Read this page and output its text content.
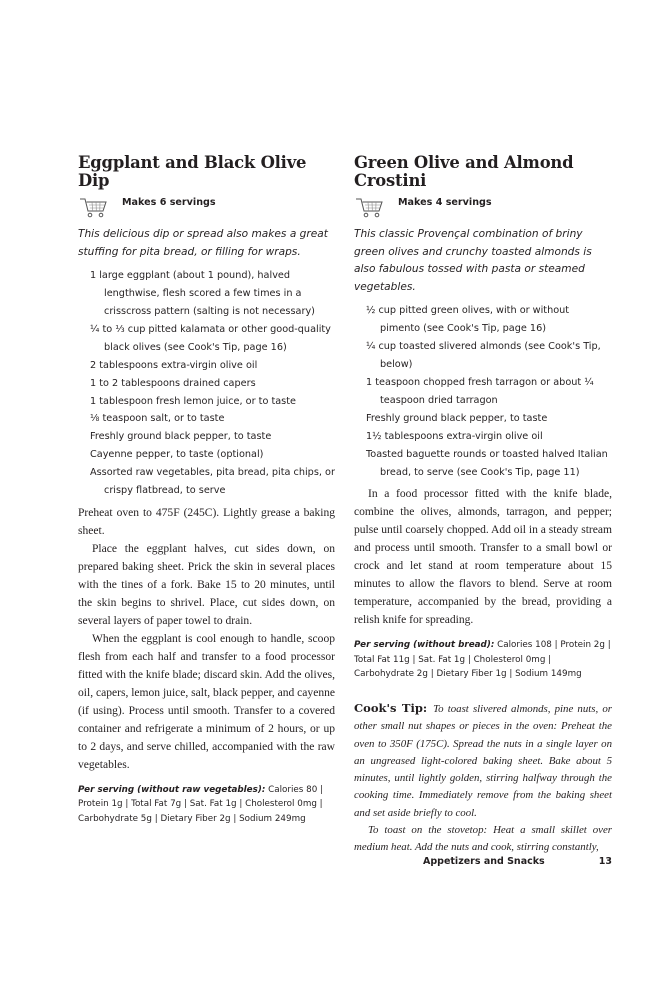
Eggplant and Black Olive Dip
Makes 6 servings

This delicious dip or spread also makes a great stuffing for pita bread, or filling for wraps.

1 large eggplant (about 1 pound), halved lengthwise, flesh scored a few times in a crisscross pattern (salting is not necessary)
¼ to ⅓ cup pitted kalamata or other good-quality black olives (see Cook's Tip, page 16)
2 tablespoons extra-virgin olive oil
1 to 2 tablespoons drained capers
1 tablespoon fresh lemon juice, or to taste
⅛ teaspoon salt, or to taste
Freshly ground black pepper, to taste
Cayenne pepper, to taste (optional)
Assorted raw vegetables, pita bread, pita chips, or crispy flatbread, to serve

Preheat oven to 475F (245C). Lightly grease a baking sheet.

Place the eggplant halves, cut sides down, on prepared baking sheet. Prick the skin in several places with the tines of a fork. Bake 15 to 20 minutes, until the skin begins to shrivel. Place, cut sides down, on several layers of paper towel to drain.

When the eggplant is cool enough to handle, scoop flesh from each half and transfer to a food processor fitted with the knife blade; discard skin. Add the olives, oil, capers, lemon juice, salt, black pepper, and cayenne (if using). Process until smooth. Transfer to a covered container and refrigerate a minimum of 2 hours, or up to 2 days, and serve chilled, accompanied with the raw vegetables.

Per serving (without raw vegetables): Calories 80 | Protein 1g | Total Fat 7g | Sat. Fat 1g | Cholesterol 0mg | Carbohydrate 5g | Dietary Fiber 2g | Sodium 249mg

Green Olive and Almond Crostini
Makes 4 servings

This classic Provençal combination of briny green olives and crunchy toasted almonds is also fabulous tossed with pasta or steamed vegetables.

½ cup pitted green olives, with or without pimento (see Cook's Tip, page 16)
¼ cup toasted slivered almonds (see Cook's Tip, below)
1 teaspoon chopped fresh tarragon or about ¼ teaspoon dried tarragon
Freshly ground black pepper, to taste
1½ tablespoons extra-virgin olive oil
Toasted baguette rounds or toasted halved Italian bread, to serve (see Cook's Tip, page 11)

In a food processor fitted with the knife blade, combine the olives, almonds, tarragon, and pepper; pulse until coarsely chopped. Add oil in a steady stream and process until smooth. Transfer to a small bowl or crock and let stand at room temperature about 15 minutes to allow the flavors to blend. Serve at room temperature, accompanied by the bread, providing a relish knife for spreading.

Per serving (without bread): Calories 108 | Protein 2g | Total Fat 11g | Sat. Fat 1g | Cholesterol 0mg | Carbohydrate 2g | Dietary Fiber 1g | Sodium 149mg

Cook's Tip: To toast slivered almonds, pine nuts, or other small nut shapes or pieces in the oven: Preheat the oven to 350F (175C). Spread the nuts in a single layer on an ungreased light-colored baking sheet. Bake about 5 minutes, until lightly golden, stirring halfway through the cooking time. Immediately remove from the baking sheet and set aside briefly to cool.

To toast on the stovetop: Heat a small skillet over medium heat. Add the nuts and cook, stirring constantly,

Appetizers and Snacks	13
